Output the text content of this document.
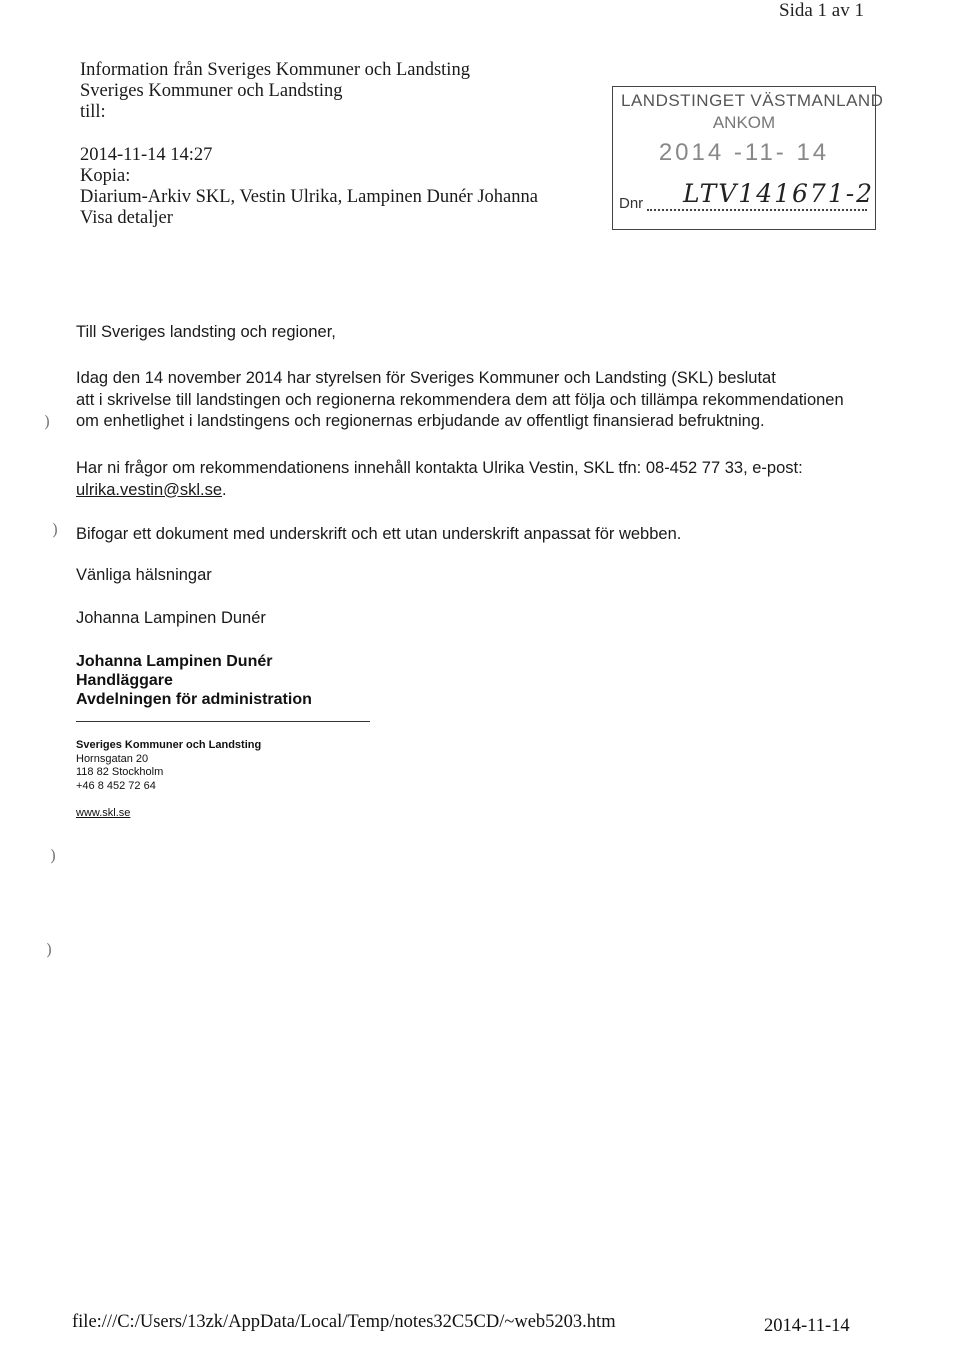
Sida 1 av 1
Information från Sveriges Kommuner och Landsting
Sveriges Kommuner och Landsting
till:
2014-11-14 14:27
Kopia:
Diarium-Arkiv SKL, Vestin Ulrika, Lampinen Dunér Johanna
Visa detaljer
LANDSTINGET VÄSTMANLAND
ANKOM
2014 -11- 14
Dnr LTV141671-2
Till Sveriges landsting och regioner,
Idag den 14 november 2014 har styrelsen för Sveriges Kommuner och Landsting (SKL) beslutat
att i skrivelse till landstingen och regionerna rekommendera dem att följa och tillämpa rekommendationen
om enhetlighet i landstingens och regionernas erbjudande av offentligt finansierad befruktning.
Har ni frågor om rekommendationens innehåll kontakta Ulrika Vestin, SKL tfn: 08-452 77 33, e-post:
ulrika.vestin@skl.se.
Bifogar ett dokument med underskrift och ett utan underskrift anpassat för webben.
Vänliga hälsningar
Johanna Lampinen Dunér
Johanna Lampinen Dunér
Handläggare
Avdelningen för administration
Sveriges Kommuner och Landsting
Hornsgatan 20
118 82 Stockholm
+46 8 452 72 64
www.skl.se
)
)
)
)
file:///C:/Users/13zk/AppData/Local/Temp/notes32C5CD/~web5203.htm	2014-11-14
